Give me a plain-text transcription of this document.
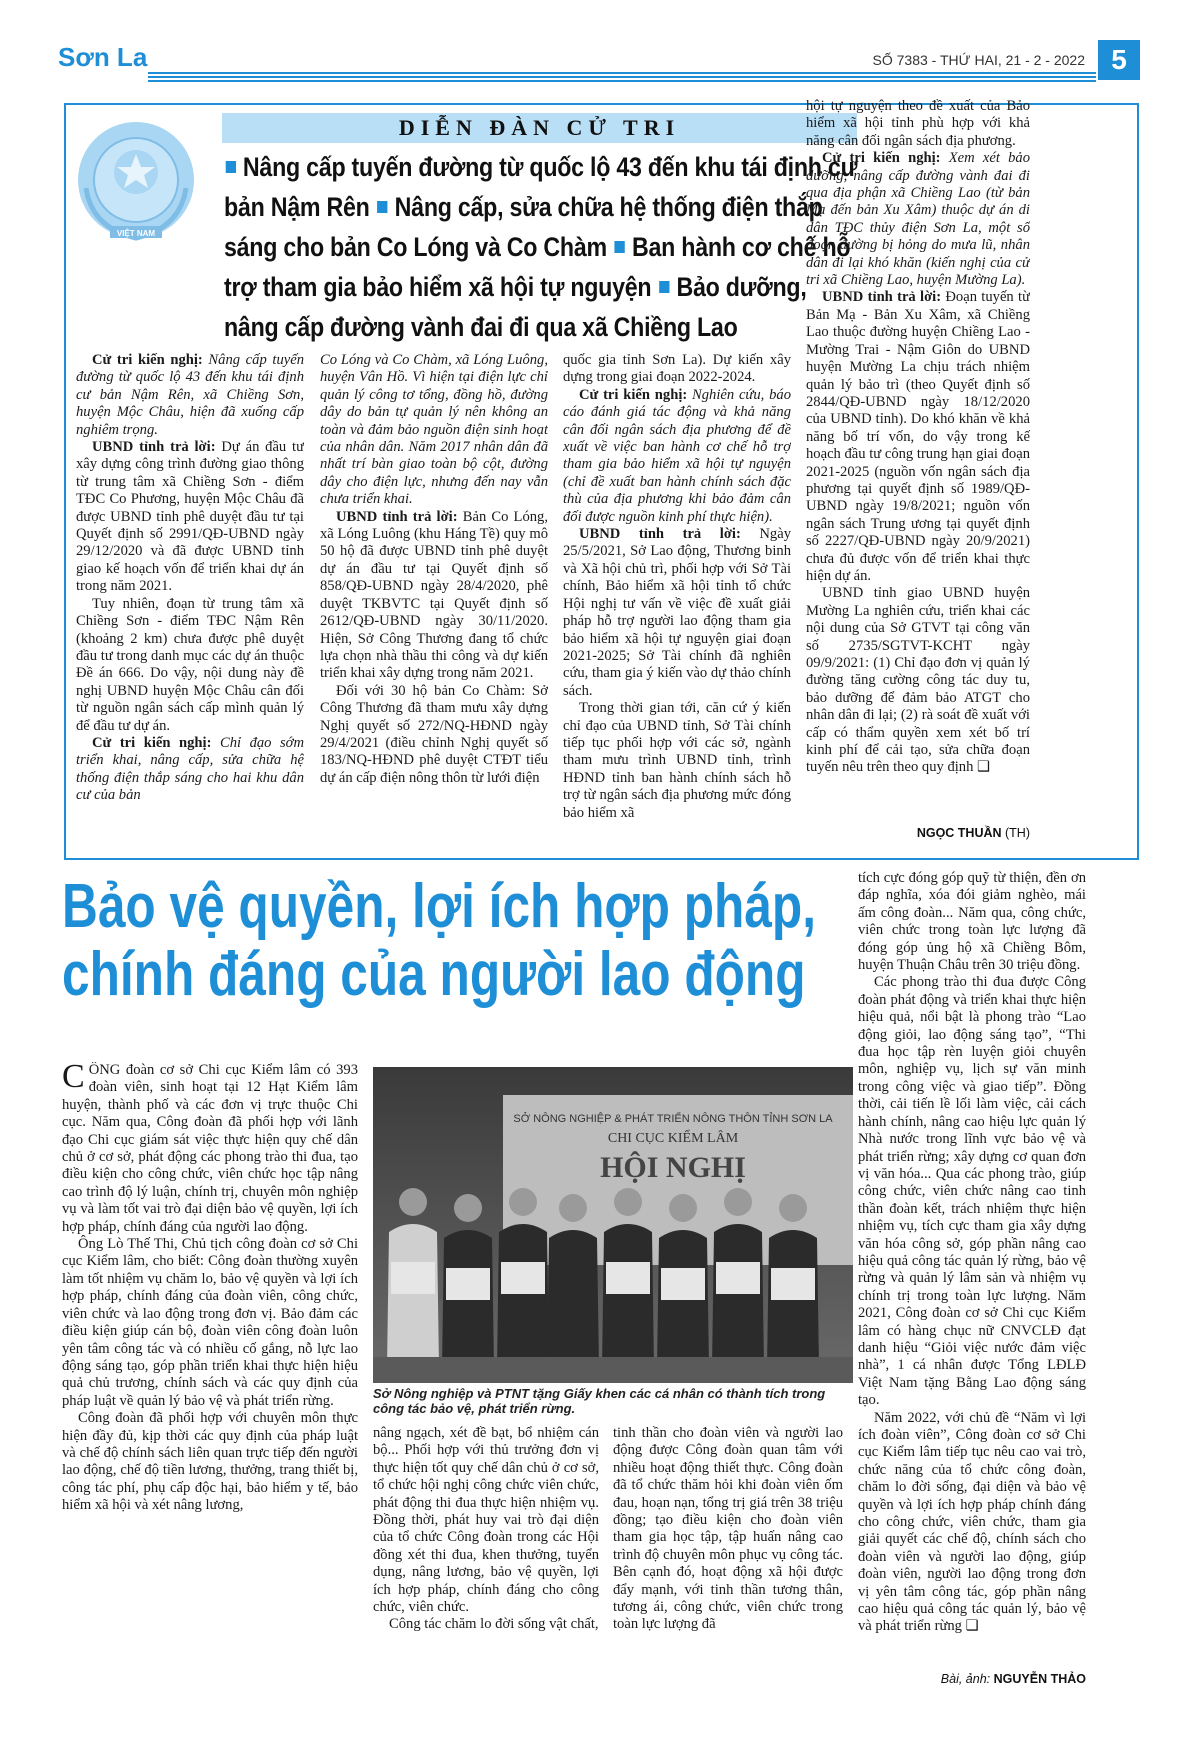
Sơn La	SỐ 7383 - THỨ HAI, 21 - 2 - 2022 5
VIỆT NAM
DIỄN ĐÀN CỬ TRI
Nâng cấp tuyến đường từ quốc lộ 43 đến khu tái định cư bản Nậm Rên Nâng cấp, sửa chữa hệ thống điện thắp sáng cho bản Co Lóng và Co Chàm Ban hành cơ chế hỗ trợ tham gia bảo hiểm xã hội tự nguyện Bảo dưỡng, nâng cấp đường vành đai đi qua xã Chiềng Lao

Cử tri kiến nghị: Nâng cấp tuyến đường từ quốc lộ 43 đến khu tái định cư bản Nậm Rên, xã Chiềng Sơn, huyện Mộc Châu, hiện đã xuống cấp nghiêm trọng.

UBND tỉnh trả lời: Dự án đầu tư xây dựng công trình đường giao thông từ trung tâm xã Chiềng Sơn - điểm TĐC Co Phương, huyện Mộc Châu đã được UBND tỉnh phê duyệt đầu tư tại Quyết định số 2991/QĐ-UBND ngày 29/12/2020 và đã được UBND tỉnh giao kế hoạch vốn để triển khai dự án trong năm 2021.

Tuy nhiên, đoạn từ trung tâm xã Chiềng Sơn - điểm TĐC Nậm Rên (khoảng 2 km) chưa được phê duyệt đầu tư trong danh mục các dự án thuộc Đề án 666. Do vậy, nội dung này đề nghị UBND huyện Mộc Châu cân đối từ nguồn ngân sách cấp mình quản lý để đầu tư dự án.

Cử tri kiến nghị: Chỉ đạo sớm triển khai, nâng cấp, sửa chữa hệ thống điện thắp sáng cho hai khu dân cư của bản

Co Lóng và Co Chàm, xã Lóng Luông, huyện Vân Hồ. Vì hiện tại điện lực chỉ quản lý công tơ tổng, đồng hồ, đường dây do bản tự quản lý nên không an toàn và đảm bảo nguồn điện sinh hoạt của nhân dân. Năm 2017 nhân dân đã nhất trí bàn giao toàn bộ cột, đường dây cho điện lực, nhưng đến nay vẫn chưa triển khai.

UBND tỉnh trả lời: Bản Co Lóng, xã Lóng Luông (khu Háng Tề) quy mô 50 hộ đã được UBND tỉnh phê duyệt dự án đầu tư tại Quyết định số 858/QĐ-UBND ngày 28/4/2020, phê duyệt TKBVTC tại Quyết định số 2612/QĐ-UBND ngày 30/11/2020. Hiện, Sở Công Thương đang tổ chức lựa chọn nhà thầu thi công và dự kiến triển khai xây dựng trong năm 2021.

Đối với 30 hộ bản Co Chàm: Sở Công Thương đã tham mưu xây dựng Nghị quyết số 272/NQ-HĐND ngày 29/4/2021 (điều chỉnh Nghị quyết số 183/NQ-HĐND phê duyệt CTĐT tiểu dự án cấp điện nông thôn từ lưới điện

quốc gia tỉnh Sơn La). Dự kiến xây dựng trong giai đoạn 2022-2024.

Cử tri kiến nghị: Nghiên cứu, báo cáo đánh giá tác động và khả năng cân đối ngân sách địa phương để đề xuất về việc ban hành cơ chế hỗ trợ tham gia bảo hiểm xã hội tự nguyện (chỉ đề xuất ban hành chính sách đặc thù của địa phương khi bảo đảm cân đối được nguồn kinh phí thực hiện).

UBND tỉnh trả lời: Ngày 25/5/2021, Sở Lao động, Thương binh và Xã hội chủ trì, phối hợp với Sở Tài chính, Bảo hiểm xã hội tỉnh tổ chức Hội nghị tư vấn về việc đề xuất giải pháp hỗ trợ người lao động tham gia bảo hiểm xã hội tự nguyện giai đoạn 2021-2025; Sở Tài chính đã nghiên cứu, tham gia ý kiến vào dự thảo chính sách.

Trong thời gian tới, căn cứ ý kiến chỉ đạo của UBND tỉnh, Sở Tài chính tiếp tục phối hợp với các sở, ngành tham mưu trình UBND tỉnh, trình HĐND tỉnh ban hành chính sách hỗ trợ từ ngân sách địa phương mức đóng bảo hiểm xã

hội tự nguyện theo đề xuất của Bảo hiểm xã hội tỉnh phù hợp với khả năng cân đối ngân sách địa phương.

Cử tri kiến nghị: Xem xét bảo dưỡng, nâng cấp đường vành đai đi qua địa phận xã Chiềng Lao (từ bản Mạ đến bản Xu Xâm) thuộc dự án di dân TĐC thủy điện Sơn La, một số đoạn đường bị hỏng do mưa lũ, nhân dân đi lại khó khăn (kiến nghị của cử tri xã Chiềng Lao, huyện Mường La).

UBND tỉnh trả lời: Đoạn tuyến từ Bản Mạ - Bản Xu Xâm, xã Chiềng Lao thuộc đường huyện Chiềng Lao - Mường Trai - Nậm Giôn do UBND huyện Mường La chịu trách nhiệm quản lý bảo trì (theo Quyết định số 2844/QĐ-UBND ngày 18/12/2020 của UBND tỉnh). Do khó khăn về khả năng bố trí vốn, do vậy trong kế hoạch đầu tư công trung hạn giai đoạn 2021-2025 (nguồn vốn ngân sách địa phương tại quyết định số 1989/QĐ-UBND ngày 19/8/2021; nguồn vốn ngân sách Trung ương tại quyết định số 2227/QĐ-UBND ngày 20/9/2021) chưa đủ được vốn để triển khai thực hiện dự án.

UBND tỉnh giao UBND huyện Mường La nghiên cứu, triển khai các nội dung của Sở GTVT tại công văn số 2735/SGTVT-KCHT ngày 09/9/2021: (1) Chỉ đạo đơn vị quản lý đường tăng cường công tác duy tu, bảo dưỡng để đảm bảo ATGT cho nhân dân đi lại; (2) rà soát đề xuất với cấp có thẩm quyền xem xét bố trí kinh phí để cải tạo, sửa chữa đoạn tuyến nêu trên theo quy định ❑

NGỌC THUẦN (TH)
Bảo vệ quyền, lợi ích hợp pháp, chính đáng của người lao động
C ÔNG đoàn cơ sở Chi cục Kiểm lâm có 393 đoàn viên, sinh hoạt tại 12 Hạt Kiểm lâm huyện, thành phố và các đơn vị trực thuộc Chi cục. Năm qua, Công đoàn đã phối hợp với lãnh đạo Chi cục giám sát việc thực hiện quy chế dân chủ ở cơ sở, phát động các phong trào thi đua, tạo điều kiện cho công chức, viên chức học tập nâng cao trình độ lý luận, chính trị, chuyên môn nghiệp vụ và làm tốt vai trò đại diện bảo vệ quyền, lợi ích hợp pháp, chính đáng của người lao động.

Ông Lò Thế Thi, Chủ tịch công đoàn cơ sở Chi cục Kiểm lâm, cho biết: Công đoàn thường xuyên làm tốt nhiệm vụ chăm lo, bảo vệ quyền và lợi ích hợp pháp, chính đáng của đoàn viên, công chức, viên chức và lao động trong đơn vị. Bảo đảm các điều kiện giúp cán bộ, đoàn viên công đoàn luôn yên tâm công tác và có nhiều cố gắng, nỗ lực lao động sáng tạo, góp phần triển khai thực hiện hiệu quả chủ trương, chính sách và các quy định của pháp luật về quản lý bảo vệ và phát triển rừng.

Công đoàn đã phối hợp với chuyên môn thực hiện đầy đủ, kịp thời các quy định của pháp luật và chế độ chính sách liên quan trực tiếp đến người lao động, chế độ tiền lương, thưởng, trang thiết bị, công tác phí, phụ cấp độc hại, bảo hiểm y tế, bảo hiểm xã hội và xét nâng lương,

SỞ NÔNG NGHIỆP & PHÁT TRIỂN NÔNG THÔN TỈNH SƠN LA
CHI CỤC KIỂM LÂM
HỘI NGHỊ
Sở Nông nghiệp và PTNT tặng Giấy khen các cá nhân có thành tích trong công tác bảo vệ, phát triển rừng.

nâng ngạch, xét đề bạt, bổ nhiệm cán bộ... Phối hợp với thủ trưởng đơn vị thực hiện tốt quy chế dân chủ ở cơ sở, tổ chức hội nghị công chức viên chức, phát động thi đua thực hiện nhiệm vụ. Đồng thời, phát huy vai trò đại diện của tổ chức Công đoàn trong các Hội đồng xét thi đua, khen thưởng, tuyển dụng, nâng lương, bảo vệ quyền, lợi ích hợp pháp, chính đáng cho công chức, viên chức.

Công tác chăm lo đời sống vật chất,

tinh thần cho đoàn viên và người lao động được Công đoàn quan tâm với nhiều hoạt động thiết thực. Công đoàn đã tổ chức thăm hỏi khi đoàn viên ốm đau, hoạn nạn, tổng trị giá trên 38 triệu đồng; tạo điều kiện cho đoàn viên tham gia học tập, tập huấn nâng cao trình độ chuyên môn phục vụ công tác. Bên cạnh đó, hoạt động xã hội được đẩy mạnh, với tinh thần tương thân, tương ái, công chức, viên chức trong toàn lực lượng đã

tích cực đóng góp quỹ từ thiện, đền ơn đáp nghĩa, xóa đói giảm nghèo, mái ấm công đoàn... Năm qua, công chức, viên chức trong toàn lực lượng đã đóng góp ủng hộ xã Chiềng Bôm, huyện Thuận Châu trên 30 triệu đồng.

Các phong trào thi đua được Công đoàn phát động và triển khai thực hiện hiệu quả, nổi bật là phong trào “Lao động giỏi, lao động sáng tạo”, “Thi đua học tập rèn luyện giỏi chuyên môn, nghiệp vụ, lịch sự văn minh trong công việc và giao tiếp”. Đồng thời, cải tiến lề lối làm việc, cải cách hành chính, nâng cao hiệu lực quản lý Nhà nước trong lĩnh vực bảo vệ và phát triển rừng; xây dựng cơ quan đơn vị văn hóa... Qua các phong trào, giúp công chức, viên chức nâng cao tinh thần đoàn kết, trách nhiệm thực hiện nhiệm vụ, tích cực tham gia xây dựng văn hóa công sở, góp phần nâng cao hiệu quả công tác quản lý rừng, bảo vệ rừng và quản lý lâm sản và nhiệm vụ chính trị trong toàn lực lượng. Năm 2021, Công đoàn cơ sở Chi cục Kiểm lâm có hàng chục nữ CNVCLĐ đạt danh hiệu “Giỏi việc nước đảm việc nhà”, 1 cá nhân được Tổng LĐLĐ Việt Nam tặng Bằng Lao động sáng tạo.

Năm 2022, với chủ đề “Năm vì lợi ích đoàn viên”, Công đoàn cơ sở Chi cục Kiểm lâm tiếp tục nêu cao vai trò, chức năng của tổ chức công đoàn, chăm lo đời sống, đại diện và bảo vệ quyền và lợi ích hợp pháp chính đáng cho công chức, viên chức, tham gia giải quyết các chế độ, chính sách cho đoàn viên và người lao động, giúp đoàn viên, người lao động trong đơn vị yên tâm công tác, góp phần nâng cao hiệu quả công tác quản lý, bảo vệ và phát triển rừng ❑

Bài, ảnh: NGUYỄN THẢO
